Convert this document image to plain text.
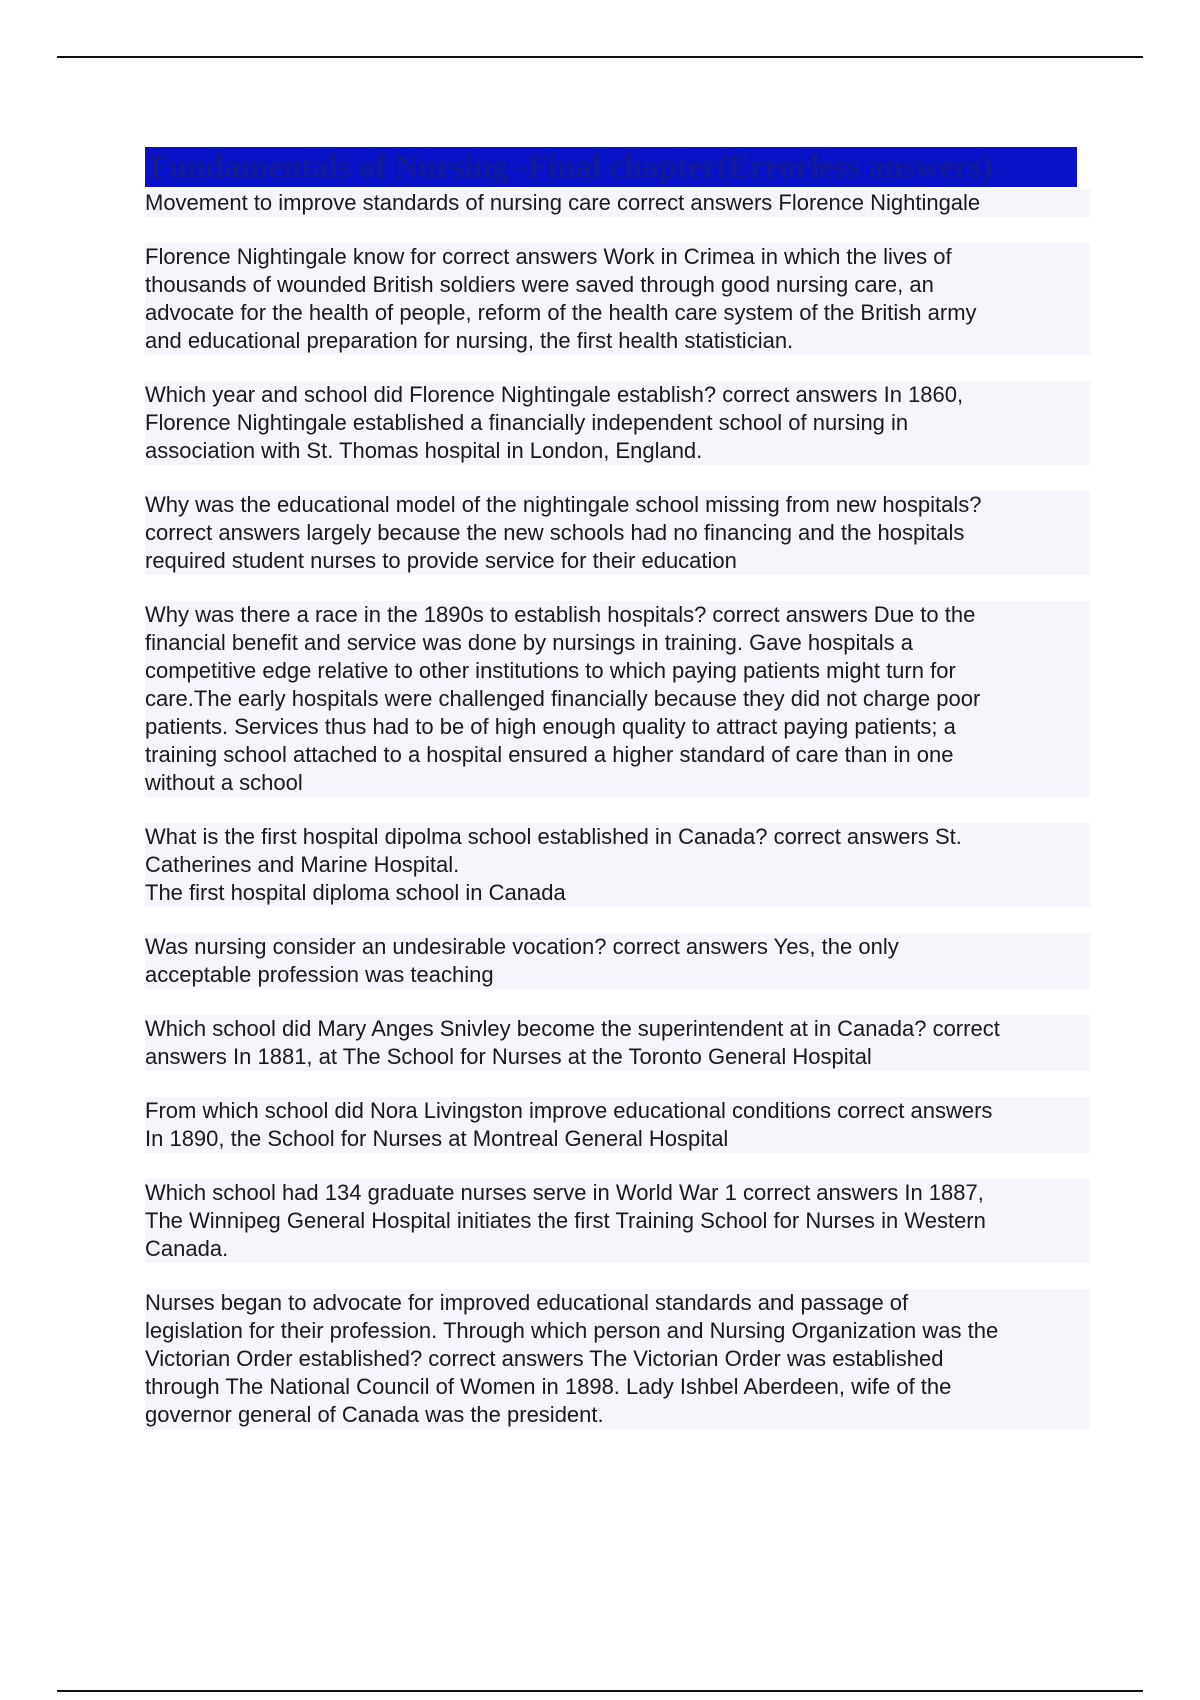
Fundamentals of Nursing -Final chapter(Errorless answers)

Movement to improve standards of nursing care correct answers Florence Nightingale

Florence Nightingale know for correct answers Work in Crimea in which the lives of
thousands of wounded British soldiers were saved through good nursing care, an
advocate for the health of people, reform of the health care system of the British army
and educational preparation for nursing, the first health statistician.

Which year and school did Florence Nightingale establish? correct answers In 1860,
Florence Nightingale established a financially independent school of nursing in
association with St. Thomas hospital in London, England.

Why was the educational model of the nightingale school missing from new hospitals?
correct answers largely because the new schools had no financing and the hospitals
required student nurses to provide service for their education

Why was there a race in the 1890s to establish hospitals? correct answers Due to the
financial benefit and service was done by nursings in training. Gave hospitals a
competitive edge relative to other institutions to which paying patients might turn for
care.The early hospitals were challenged financially because they did not charge poor
patients. Services thus had to be of high enough quality to attract paying patients; a
training school attached to a hospital ensured a higher standard of care than in one
without a school

What is the first hospital dipolma school established in Canada? correct answers St.
Catherines and Marine Hospital.
The first hospital diploma school in Canada

Was nursing consider an undesirable vocation? correct answers Yes, the only
acceptable profession was teaching

Which school did Mary Anges Snivley become the superintendent at in Canada? correct
answers In 1881, at The School for Nurses at the Toronto General Hospital

From which school did Nora Livingston improve educational conditions correct answers
In 1890, the School for Nurses at Montreal General Hospital

Which school had 134 graduate nurses serve in World War 1 correct answers In 1887,
The Winnipeg General Hospital initiates the first Training School for Nurses in Western
Canada.

Nurses began to advocate for improved educational standards and passage of
legislation for their profession. Through which person and Nursing Organization was the
Victorian Order established? correct answers The Victorian Order was established
through The National Council of Women in 1898. Lady Ishbel Aberdeen, wife of the
governor general of Canada was the president.
